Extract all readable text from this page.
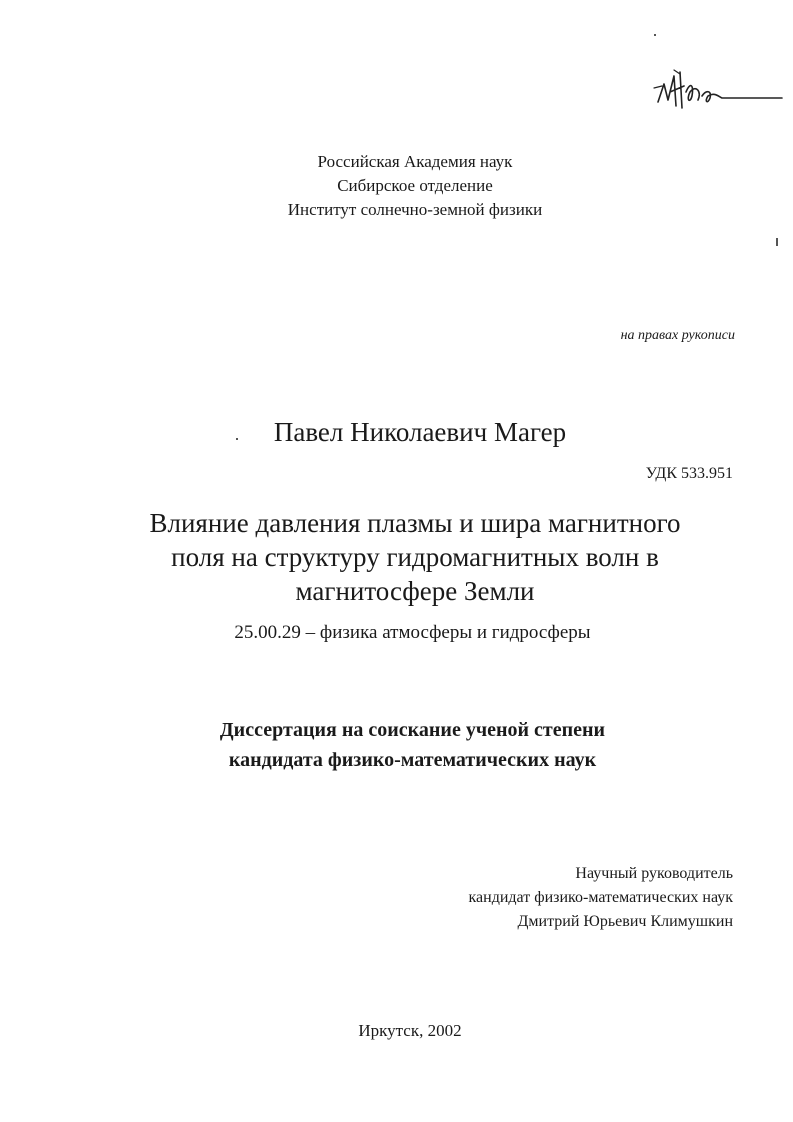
Российская Академия наук
Сибирское отделение
Институт солнечно-земной физики
на правах рукописи
Павел Николаевич Магер
УДК 533.951
Влияние давления плазмы и шира магнитного
поля на структуру гидромагнитных волн в
магнитосфере Земли
25.00.29 – физика атмосферы и гидросферы
Диссертация на соискание ученой степени
кандидата физико-математических наук
Научный руководитель
кандидат физико-математических наук
Дмитрий Юрьевич Климушкин
Иркутск, 2002
